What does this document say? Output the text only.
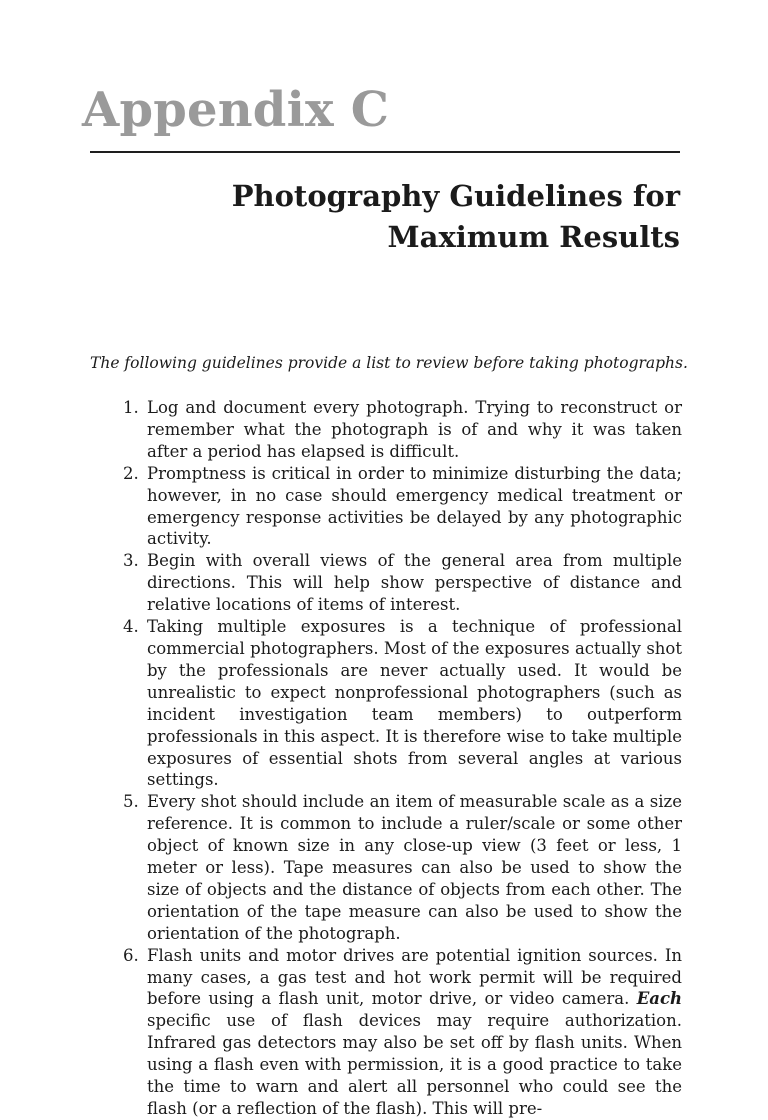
Appendix C
Photography Guidelines for
Maximum Results

The following guidelines provide a list to review before taking photographs.

1. Log and document every photograph. Trying to reconstruct or remember what the photograph is of and why it was taken after a period has elapsed is difficult.
2. Promptness is critical in order to minimize disturbing the data; however, in no case should emergency medical treatment or emergency response activities be delayed by any photographic activity.
3. Begin with overall views of the general area from multiple directions. This will help show perspective of distance and relative locations of items of interest.
4. Taking multiple exposures is a technique of professional commercial photographers. Most of the exposures actually shot by the professionals are never actually used. It would be unrealistic to expect nonprofessional photographers (such as incident investigation team members) to outperform professionals in this aspect. It is therefore wise to take multiple exposures of essential shots from several angles at various settings.
5. Every shot should include an item of measurable scale as a size reference. It is common to include a ruler/scale or some other object of known size in any close-up view (3 feet or less, 1 meter or less). Tape measures can also be used to show the size of objects and the distance of objects from each other. The orientation of the tape measure can also be used to show the orientation of the photograph.
6. Flash units and motor drives are potential ignition sources. In many cases, a gas test and hot work permit will be required before using a flash unit, motor drive, or video camera. Each specific use of flash devices may require authorization. Infrared gas detectors may also be set off by flash units. When using a flash even with permission, it is a good practice to take the time to warn and alert all personnel who could see the flash (or a reflection of the flash). This will pre-
